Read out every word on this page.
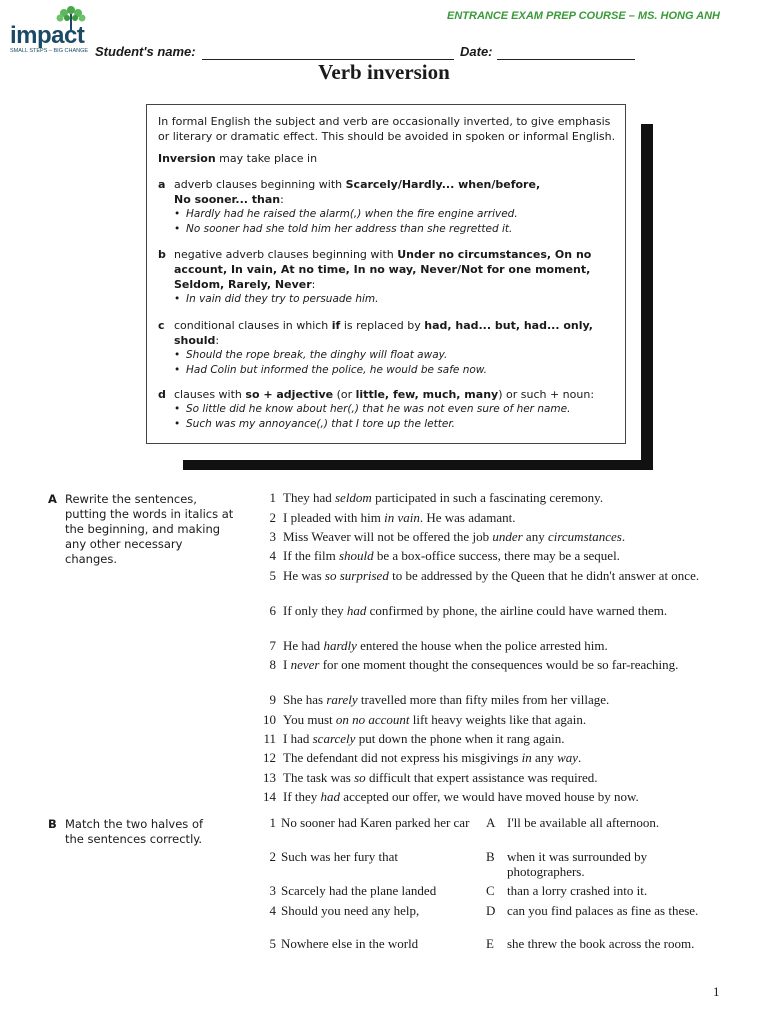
impact
SMALL STEPS – BIG CHANGE
ENTRANCE EXAM PREP COURSE – MS. HONG ANH
Student's name:	Date:
Verb inversion
In formal English the subject and verb are occasionally inverted, to give emphasis or literary or dramatic effect. This should be avoided in spoken or informal English.
Inversion may take place in
a adverb clauses beginning with Scarcely/Hardly... when/before,
No sooner... than:
• Hardly had he raised the alarm(,) when the fire engine arrived.
• No sooner had she told him her address than she regretted it.
b negative adverb clauses beginning with Under no circumstances, On no account, In vain, At no time, In no way, Never/Not for one moment, Seldom, Rarely, Never:
• In vain did they try to persuade him.
c conditional clauses in which if is replaced by had, had... but, had... only, should:
• Should the rope break, the dinghy will float away.
• Had Colin but informed the police, he would be safe now.
d clauses with so + adjective (or little, few, much, many) or such + noun:
• So little did he know about her(,) that he was not even sure of her name.
• Such was my annoyance(,) that I tore up the letter.
A Rewrite the sentences, putting the words in italics at the beginning, and making any other necessary changes.
1 They had seldom participated in such a fascinating ceremony.
2 I pleaded with him in vain. He was adamant.
3 Miss Weaver will not be offered the job under any circumstances.
4 If the film should be a box-office success, there may be a sequel.
5 He was so surprised to be addressed by the Queen that he didn't answer at once.
6 If only they had confirmed by phone, the airline could have warned them.
7 He had hardly entered the house when the police arrested him.
8 I never for one moment thought the consequences would be so far-reaching.
9 She has rarely travelled more than fifty miles from her village.
10 You must on no account lift heavy weights like that again.
11 I had scarcely put down the phone when it rang again.
12 The defendant did not express his misgivings in any way.
13 The task was so difficult that expert assistance was required.
14 If they had accepted our offer, we would have moved house by now.
B Match the two halves of the sentences correctly.
1 No sooner had Karen parked her car
2 Such was her fury that
3 Scarcely had the plane landed
4 Should you need any help,
5 Nowhere else in the world
A I'll be available all afternoon.
B when it was surrounded by photographers.
C than a lorry crashed into it.
D can you find palaces as fine as these.
E	she threw the book across the room.
1
